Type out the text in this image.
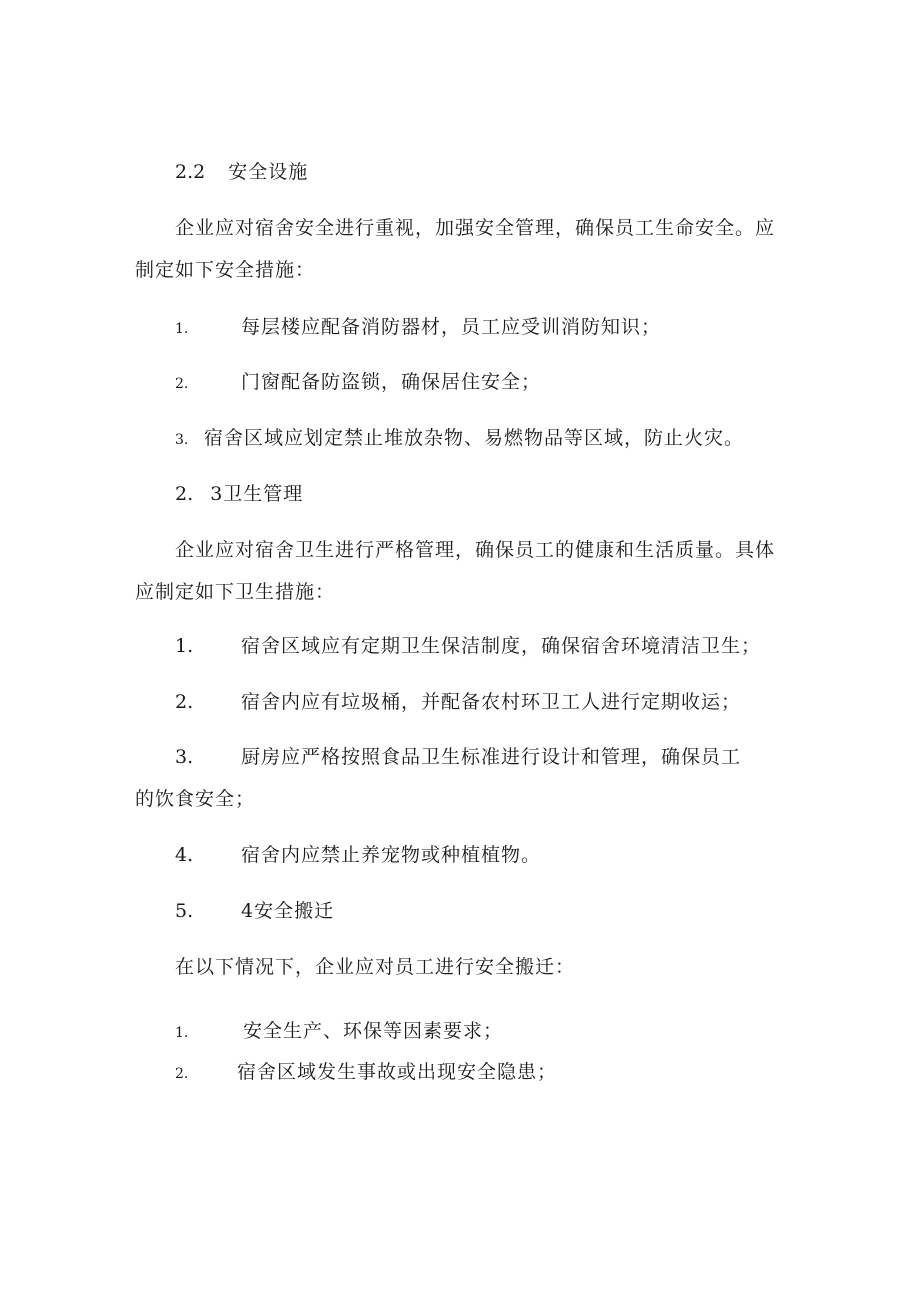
2.2 安全设施
企业应对宿舍安全进行重视，加强安全管理，确保员工生命安全。应
制定如下安全措施：
1.	每层楼应配备消防器材，员工应受训消防知识；
2.	门窗配备防盗锁，确保居住安全；
3. 宿舍区域应划定禁止堆放杂物、易燃物品等区域，防止火灾。
2. 3卫生管理
企业应对宿舍卫生进行严格管理，确保员工的健康和生活质量。具体
应制定如下卫生措施：
1.	宿舍区域应有定期卫生保洁制度，确保宿舍环境清洁卫生；
2.	宿舍内应有垃圾桶，并配备农村环卫工人进行定期收运；
3.	厨房应严格按照食品卫生标准进行设计和管理，确保员工
的饮食安全；
4.	宿舍内应禁止养宠物或种植植物。
5.	4安全搬迁
在以下情况下，企业应对员工进行安全搬迁：
1.	安全生产、环保等因素要求；
2.	宿舍区域发生事故或出现安全隐患；
